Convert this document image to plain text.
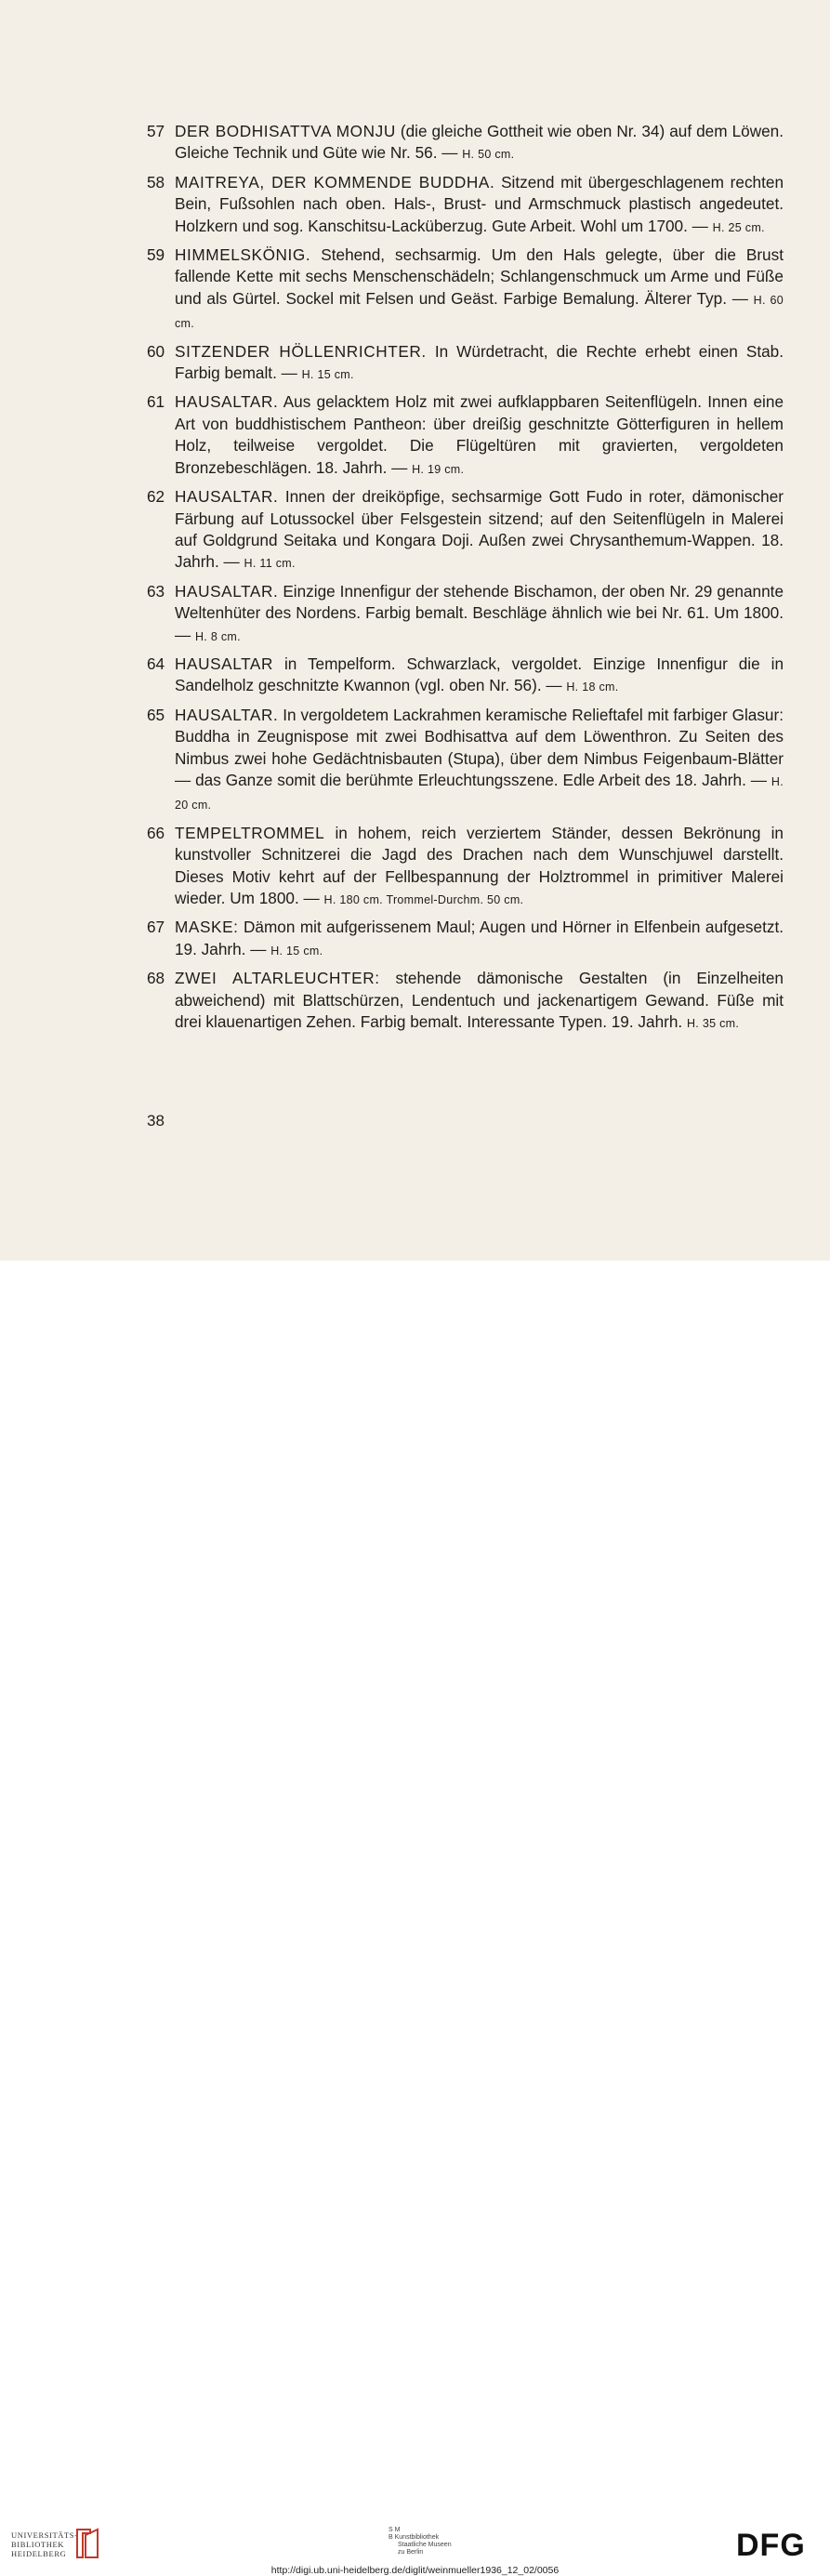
57 DER BODHISATTVA MONJU (die gleiche Gottheit wie oben Nr. 34) auf dem Löwen. Gleiche Technik und Güte wie Nr. 56. — H. 50 cm.
58 MAITREYA, DER KOMMENDE BUDDHA. Sitzend mit übergeschlagenem rechten Bein, Fußsohlen nach oben. Hals-, Brust- und Armschmuck plastisch angedeutet. Holzkern und sog. Kanschitsu-Lacküberzug. Gute Arbeit. Wohl um 1700. — H. 25 cm.
59 HIMMELSKÖNIG. Stehend, sechsarmig. Um den Hals gelegte, über die Brust fallende Kette mit sechs Menschenschädeln; Schlangenschmuck um Arme und Füße und als Gürtel. Sockel mit Felsen und Geäst. Farbige Bemalung. Älterer Typ. — H. 60 cm.
60 SITZENDER HÖLLENRICHTER. In Würdetracht, die Rechte erhebt einen Stab. Farbig bemalt. — H. 15 cm.
61 HAUSALTAR. Aus gelacktem Holz mit zwei aufklappbaren Seitenflügeln. Innen eine Art von buddhistischem Pantheon: über dreißig geschnitzte Götterfiguren in hellem Holz, teilweise vergoldet. Die Flügeltüren mit gravierten, vergoldeten Bronzebeschlägen. 18. Jahrh. — H. 19 cm.
62 HAUSALTAR. Innen der dreiköpfige, sechsarmige Gott Fudo in roter, dämonischer Färbung auf Lotussockel über Felsgestein sitzend; auf den Seitenflügeln in Malerei auf Goldgrund Seitaka und Kongara Doji. Außen zwei Chrysanthemum-Wappen. 18. Jahrh. — H. 11 cm.
63 HAUSALTAR. Einzige Innenfigur der stehende Bischamon, der oben Nr. 29 genannte Weltenhüter des Nordens. Farbig bemalt. Beschläge ähnlich wie bei Nr. 61. Um 1800. — H. 8 cm.
64 HAUSALTAR in Tempelform. Schwarzlack, vergoldet. Einzige Innenfigur die in Sandelholz geschnitzte Kwannon (vgl. oben Nr. 56). — H. 18 cm.
65 HAUSALTAR. In vergoldetem Lackrahmen keramische Relieftafel mit farbiger Glasur: Buddha in Zeugnispose mit zwei Bodhisattva auf dem Löwenthron. Zu Seiten des Nimbus zwei hohe Gedächtnisbauten (Stupa), über dem Nimbus Feigenbaum-Blätter — das Ganze somit die berühmte Erleuchtungsszene. Edle Arbeit des 18. Jahrh. — H. 20 cm.
66 TEMPELTROMMEL in hohem, reich verziertem Ständer, dessen Bekrönung in kunstvoller Schnitzerei die Jagd des Drachen nach dem Wunschjuwel darstellt. Dieses Motiv kehrt auf der Fellbespannung der Holztrommel in primitiver Malerei wieder. Um 1800. — H. 180 cm. Trommel-Durchm. 50 cm.
67 MASKE: Dämon mit aufgerissenem Maul; Augen und Hörner in Elfenbein aufgesetzt. 19. Jahrh. — H. 15 cm.
68 ZWEI ALTARLEUCHTER: stehende dämonische Gestalten (in Einzelheiten abweichend) mit Blattschürzen, Lendentuch und jackenartigem Gewand. Füße mit drei klauenartigen Zehen. Farbig bemalt. Interessante Typen. 19. Jahrh. H. 35 cm.
38
UNIVERSITÄTS-
BIBLIOTHEK
HEIDELBERG
S M
B Kunstbibliothek
Staatliche Museen
zu Berlin	DFG
http://digi.ub.uni-heidelberg.de/diglit/weinmueller1936_12_02/0056
